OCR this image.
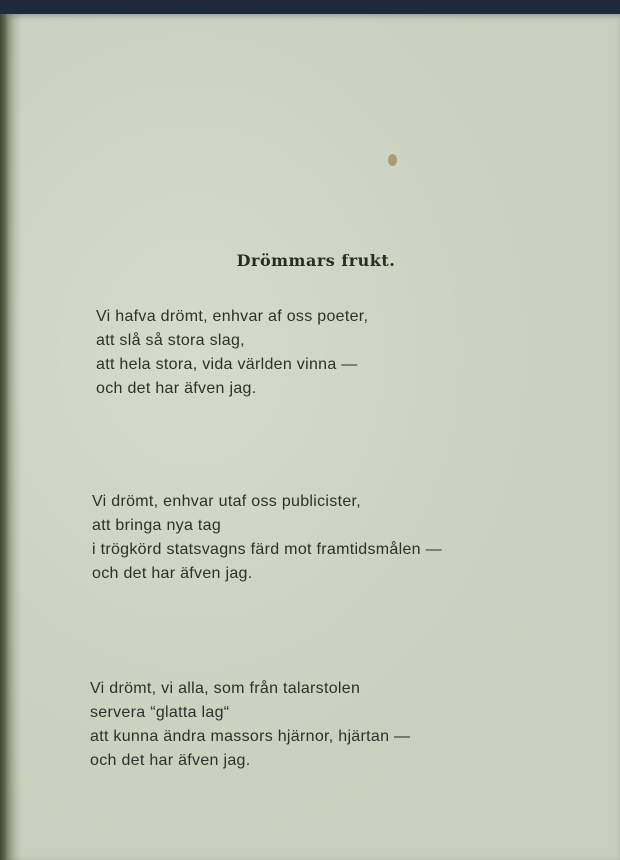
Drömmars frukt.
Vi hafva drömt, enhvar af oss poeter,
att slå så stora slag,
att hela stora, vida världen vinna —
och det har äfven jag.
Vi drömt, enhvar utaf oss publicister,
att bringa nya tag
i trögkörd statsvagns färd mot framtidsmålen —
och det har äfven jag.
Vi drömt, vi alla, som från talarstolen
servera “glatta lag“
att kunna ändra massors hjärnor, hjärtan —
och det har äfven jag.
